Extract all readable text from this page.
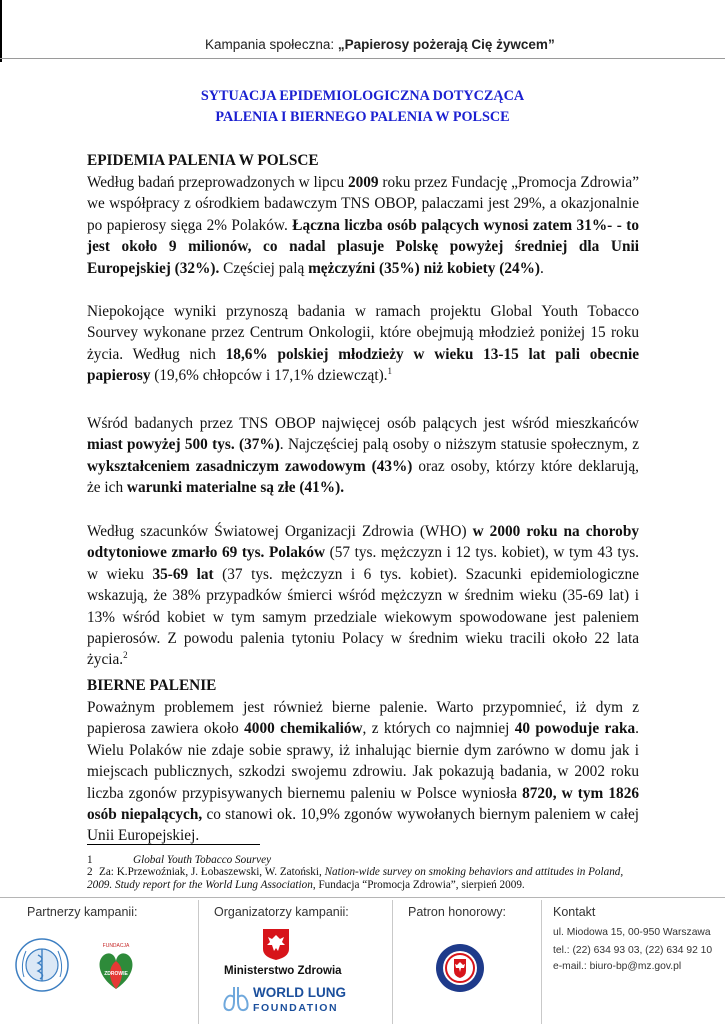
Kampania społeczna: „Papierosy pożerają Cię żywcem”
SYTUACJA EPIDEMIOLOGICZNA DOTYCZĄCA
PALENIA I BIERNEGO PALENIA W POLSCE
EPIDEMIA PALENIA W POLSCE
Według badań przeprowadzonych w lipcu 2009 roku przez Fundację „Promocja Zdrowia” we współpracy z ośrodkiem badawczym TNS OBOP, palaczami jest 29%, a okazjonalnie po papierosy sięga 2% Polaków. Łączna liczba osób palących wynosi zatem 31%- - to jest około 9 milionów, co nadal plasuje Polskę powyżej średniej dla Unii Europejskiej (32%). Częściej palą mężczyźni (35%) niż kobiety (24%).
Niepokojące wyniki przynoszą badania w ramach projektu Global Youth Tobacco Sourvey wykonane przez Centrum Onkologii, które obejmują młodzież poniżej 15 roku życia. Według nich 18,6% polskiej młodzieży w wieku 13-15 lat pali obecnie papierosy (19,6% chłopców i 17,1% dziewcząt).$^1$
Wśród badanych przez TNS OBOP najwięcej osób palących jest wśród mieszkańców miast powyżej 500 tys. (37%). Najczęściej palą osoby o niższym statusie społecznym, z wykształceniem zasadniczym zawodowym (43%) oraz osoby, którzy które deklarują, że ich warunki materialne są złe (41%).
Według szacunków Światowej Organizacji Zdrowia (WHO) w 2000 roku na choroby odtytoniowe zmarło 69 tys. Polaków (57 tys. mężczyzn i 12 tys. kobiet), w tym 43 tys. w wieku 35-69 lat (37 tys. mężczyzn i 6 tys. kobiet). Szacunki epidemiologiczne wskazują, że 38% przypadków śmierci wśród mężczyzn w średnim wieku (35-69 lat) i 13% wśród kobiet w tym samym przedziale wiekowym spowodowane jest paleniem papierosów. Z powodu palenia tytoniu Polacy w średnim wieku tracili około 22 lata życia.$^2$
BIERNE PALENIE
Poważnym problemem jest również bierne palenie. Warto przypomnieć, iż dym z papierosa zawiera około 4000 chemikaliów, z których co najmniej 40 powoduje raka. Wielu Polaków nie zdaje sobie sprawy, iż inhalując biernie dym zarówno w domu jak i miejscach publicznych, szkodzi swojemu zdrowiu. Jak pokazują badania, w 2002 roku liczba zgonów przypisywanych biernemu paleniu w Polsce wyniosła 8720, w tym 1826 osób niepalących, co stanowi ok. 10,9% zgonów wywołanych biernym paleniem w całej Unii Europejskiej.
1	Global Youth Tobacco Sourvey
2 Za: K.Przewoźniak, J. Łobaszewski, W. Zatoński, Nation-wide survey on smoking behaviors and attitudes in Poland, 2009. Study report for the World Lung Association, Fundacja “Promocja Zdrowia”, sierpień 2009.
Partnerzy kampanii:	Organizatorzy kampanii:	Patron honorowy:	Kontakt
FUNDACJA
ZDROWIE	Ministerstwo Zdrowia
WORLD LUNG
FOUNDATION
ul. Miodowa 15, 00-950 Warszawa
tel.: (22) 634 93 03, (22) 634 92 10
e-mail.: biuro-bp@mz.gov.pl
